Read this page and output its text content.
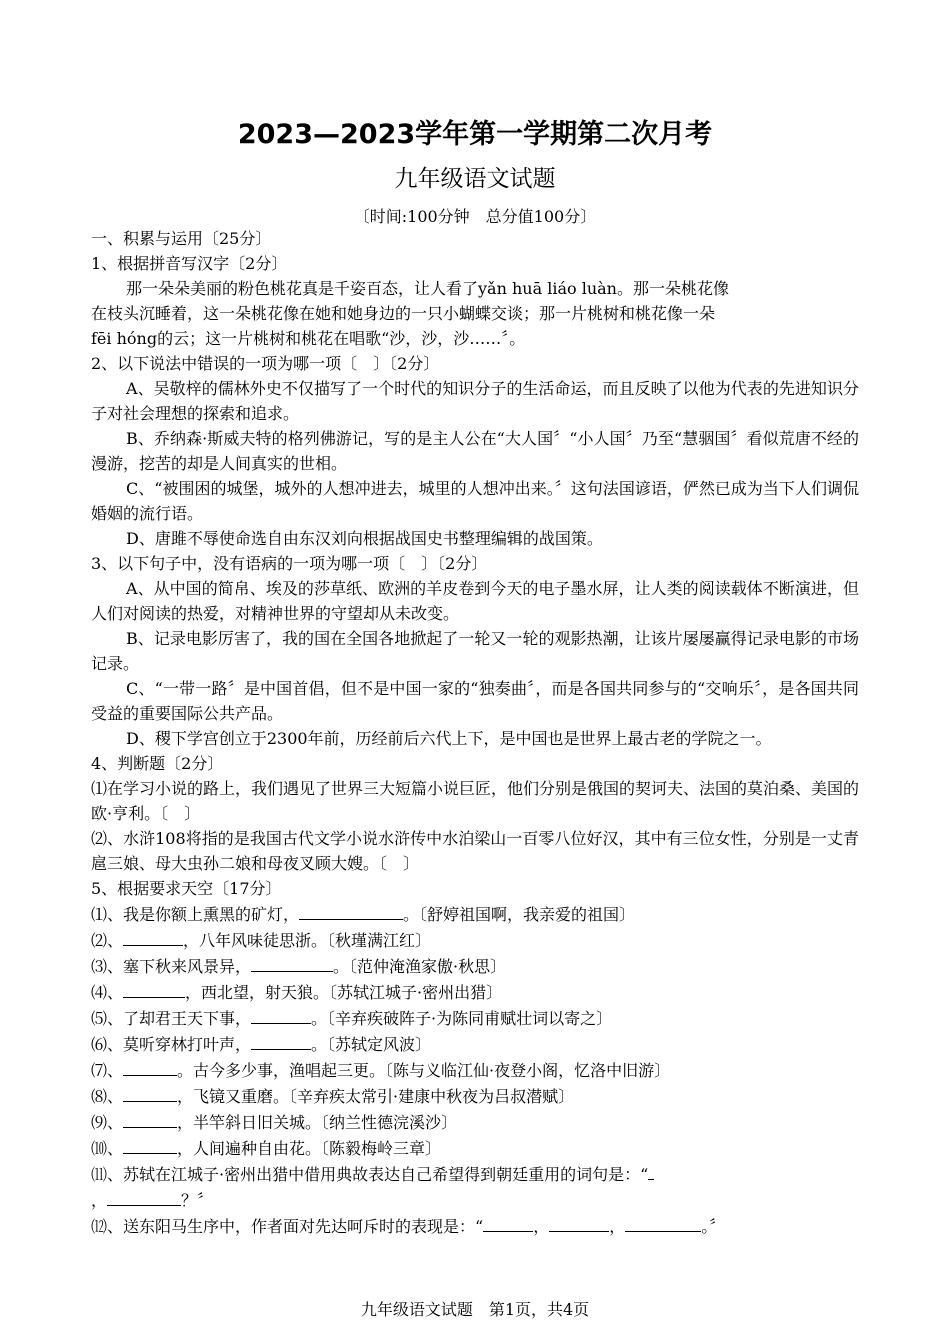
2023—2023学年第一学期第二次月考
九年级语文试题
〔时间:100分钟　总分值100分〕

一、积累与运用〔25分〕

1、根据拼音写汉字〔2分〕

那一朵朵美丽的粉色桃花真是千姿百态，让人看了yǎn huā liáo luàn。那一朵桃花像

在枝头沉睡着，这一朵桃花像在她和她身边的一只小蝴蝶交谈；那一片桃树和桃花像一朵

fēi hóng的云；这一片桃树和桃花在唱歌“沙，沙，沙……〞。

2、以下说法中错误的一项为哪一项〔　〕〔2分〕

A、吴敬梓的儒林外史不仅描写了一个时代的知识分子的生活命运，而且反映了以他为代表的先进知识分子对社会理想的探索和追求。

B、乔纳森·斯威夫特的格列佛游记，写的是主人公在“大人国〞“小人国〞乃至“慧骃国〞看似荒唐不经的漫游，挖苦的却是人间真实的世相。

C、“被围困的城堡，城外的人想冲进去，城里的人想冲出来。〞这句法国谚语，俨然已成为当下人们调侃婚姻的流行语。

D、唐雎不辱使命选自由东汉刘向根据战国史书整理编辑的战国策。

3、以下句子中，没有语病的一项为哪一项〔　〕〔2分〕

A、从中国的简帛、埃及的莎草纸、欧洲的羊皮卷到今天的电子墨水屏，让人类的阅读载体不断演进，但人们对阅读的热爱，对精神世界的守望却从未改变。

B、记录电影厉害了，我的国在全国各地掀起了一轮又一轮的观影热潮，让该片屡屡赢得记录电影的市场记录。

C、“一带一路〞是中国首倡，但不是中国一家的“独奏曲〞，而是各国共同参与的“交响乐〞，是各国共同受益的重要国际公共产品。

D、稷下学宫创立于2300年前，历经前后六代上下，是中国也是世界上最古老的学院之一。

4、判断题〔2分〕

⑴在学习小说的路上，我们遇见了世界三大短篇小说巨匠，他们分别是俄国的契诃夫、法国的莫泊桑、美国的欧·亨利。〔　〕

⑵、水浒108将指的是我国古代文学小说水浒传中水泊梁山一百零八位好汉，其中有三位女性，分别是一丈青扈三娘、母大虫孙二娘和母夜叉顾大嫂。〔　〕

5、根据要求天空〔17分〕

⑴、我是你额上熏黑的矿灯，	。〔舒婷祖国啊，我亲爱的祖国〕

⑵、	，八年风味徒思浙。〔秋瑾满江红〕

⑶、塞下秋来风景异，	。〔范仲淹渔家傲·秋思〕

⑷、	，西北望，射天狼。〔苏轼江城子·密州出猎〕

⑸、了却君王天下事，	。〔辛弃疾破阵子·为陈同甫赋壮词以寄之〕

⑹、莫听穿林打叶声，	。〔苏轼定风波〕

⑺、	。古今多少事，渔唱起三更。〔陈与义临江仙·夜登小阁，忆洛中旧游〕

⑻、	，飞镜又重磨。〔辛弃疾太常引·建康中秋夜为吕叔潜赋〕

⑼、	，半竿斜日旧关城。〔纳兰性德浣溪沙〕

⑽、	，人间遍种自由花。〔陈毅梅岭三章〕

⑾、苏轼在江城子·密州出猎中借用典故表达自己希望得到朝廷重用的词句是：“

，	？〞

⑿、送东阳马生序中，作者面对先达呵斥时的表现是：“	，	，	。〞

九年级语文试题　第1页，共4页
